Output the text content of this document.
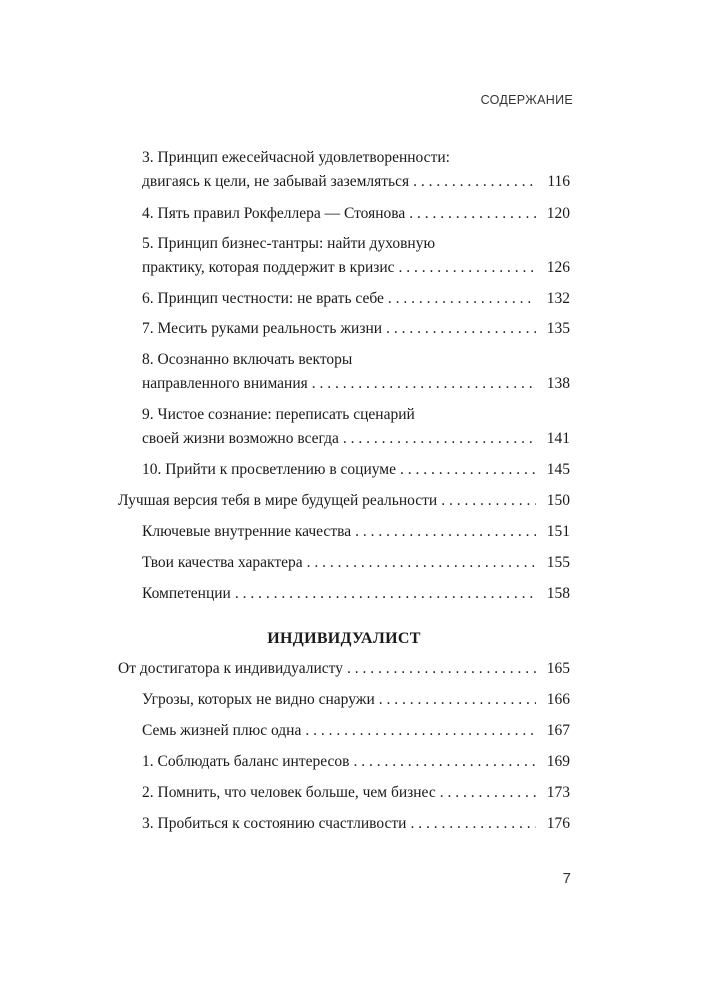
СОДЕРЖАНИЕ
3. Принцип ежесейчасной удовлетворенности:
двигаясь к цели, не забывай заземляться . . .	116
4. Пять правил Рокфеллера — Стоянова . . .	120
5. Принцип бизнес-тантры: найти духовную
практику, которая поддержит в кризис . . .	126
6. Принцип честности: не врать себе . . .	132
7. Месить руками реальность жизни . . .	135
8. Осознанно включать векторы
направленного внимания . . .	138
9. Чистое сознание: переписать сценарий
своей жизни возможно всегда . . .	141
10. Прийти к просветлению в социуме . . .	145
Лучшая версия тебя в мире будущей реальности . . .	150
Ключевые внутренние качества . . .	151
Твои качества характера . . .	155
Компетенции . . .	158
ИНДИВИДУАЛИСТ
От достигатора к индивидуалисту . . .	165
Угрозы, которых не видно снаружи . . .	166
Семь жизней плюс одна . . .	167
1. Соблюдать баланс интересов . . .	169
2. Помнить, что человек больше, чем бизнес . . .	173
3. Пробиться к состоянию счастливости . . .	176
7
